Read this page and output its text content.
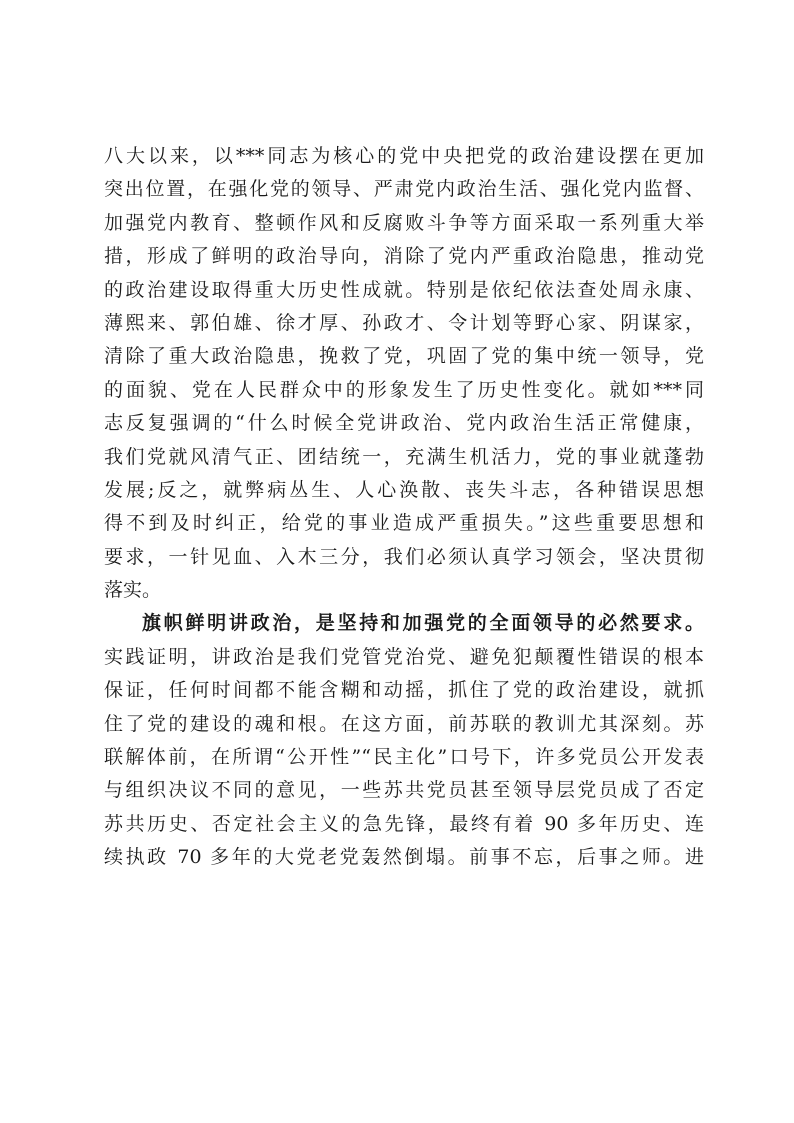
八大以来，以***同志为核心的党中央把党的政治建设摆在更加
突出位置，在强化党的领导、严肃党内政治生活、强化党内监督、
加强党内教育、整顿作风和反腐败斗争等方面采取一系列重大举
措，形成了鲜明的政治导向，消除了党内严重政治隐患，推动党
的政治建设取得重大历史性成就。特别是依纪依法查处周永康、
薄熙来、郭伯雄、徐才厚、孙政才、令计划等野心家、阴谋家，
清除了重大政治隐患，挽救了党，巩固了党的集中统一领导，党
的面貌、党在人民群众中的形象发生了历史性变化。就如***同
志反复强调的“什么时候全党讲政治、党内政治生活正常健康，
我们党就风清气正、团结统一，充满生机活力，党的事业就蓬勃
发展;反之，就弊病丛生、人心涣散、丧失斗志，各种错误思想
得不到及时纠正，给党的事业造成严重损失。”这些重要思想和
要求，一针见血、入木三分，我们必须认真学习领会，坚决贯彻
落实。
旗帜鲜明讲政治，是坚持和加强党的全面领导的必然要求。
实践证明，讲政治是我们党管党治党、避免犯颠覆性错误的根本
保证，任何时间都不能含糊和动摇，抓住了党的政治建设，就抓
住了党的建设的魂和根。在这方面，前苏联的教训尤其深刻。苏
联解体前，在所谓“公开性”“民主化”口号下，许多党员公开发表
与组织决议不同的意见，一些苏共党员甚至领导层党员成了否定
苏共历史、否定社会主义的急先锋，最终有着 90 多年历史、连
续执政 70 多年的大党老党轰然倒塌。前事不忘，后事之师。进
